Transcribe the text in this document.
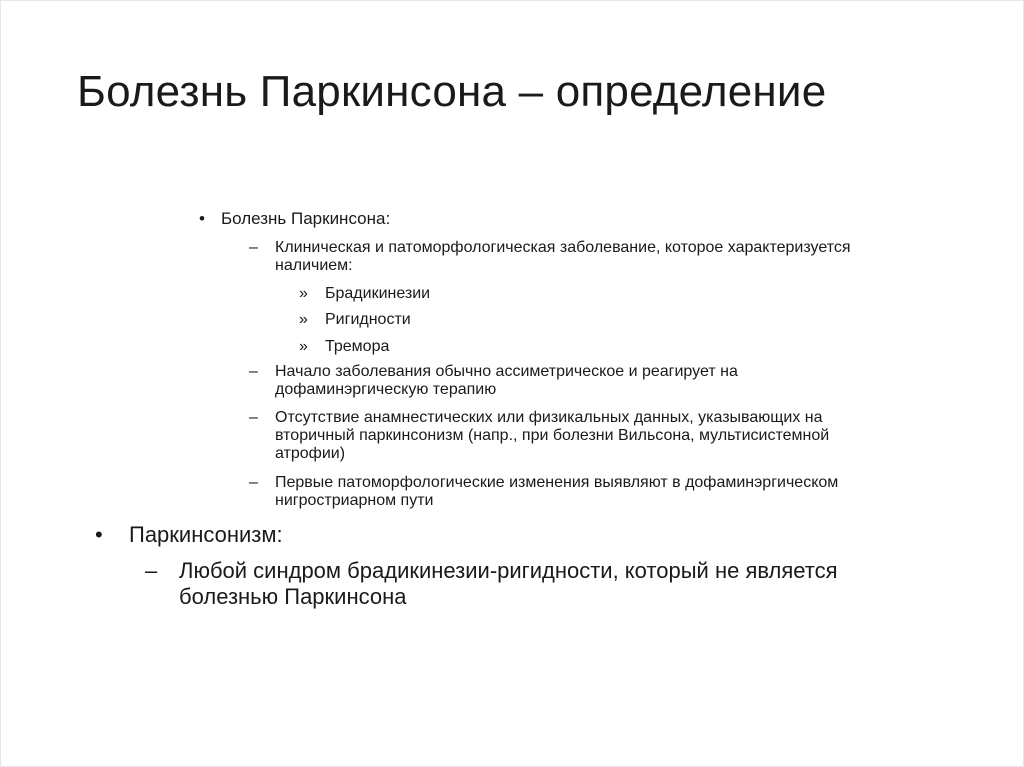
Болезнь Паркинсона – определение
• Болезнь Паркинсона:
–	Клиническая и патоморфологическая заболевание, которое характеризуется
наличием:
»	Брадикинезии
»	Ригидности
»	Тремора
–	Начало заболевания обычно ассиметрическое и реагирует на
дофаминэргическую терапию
–	Отсутствие анамнестических или физикальных данных, указывающих на
вторичный паркинсонизм (напр., при болезни Вильсона, мультисистемной
атрофии)
–	Первые патоморфологические изменения выявляют в дофаминэргическом
нигростриарном пути
•	Паркинсонизм:
– Любой синдром брадикинезии-ригидности, который не является
болезнью Паркинсона
